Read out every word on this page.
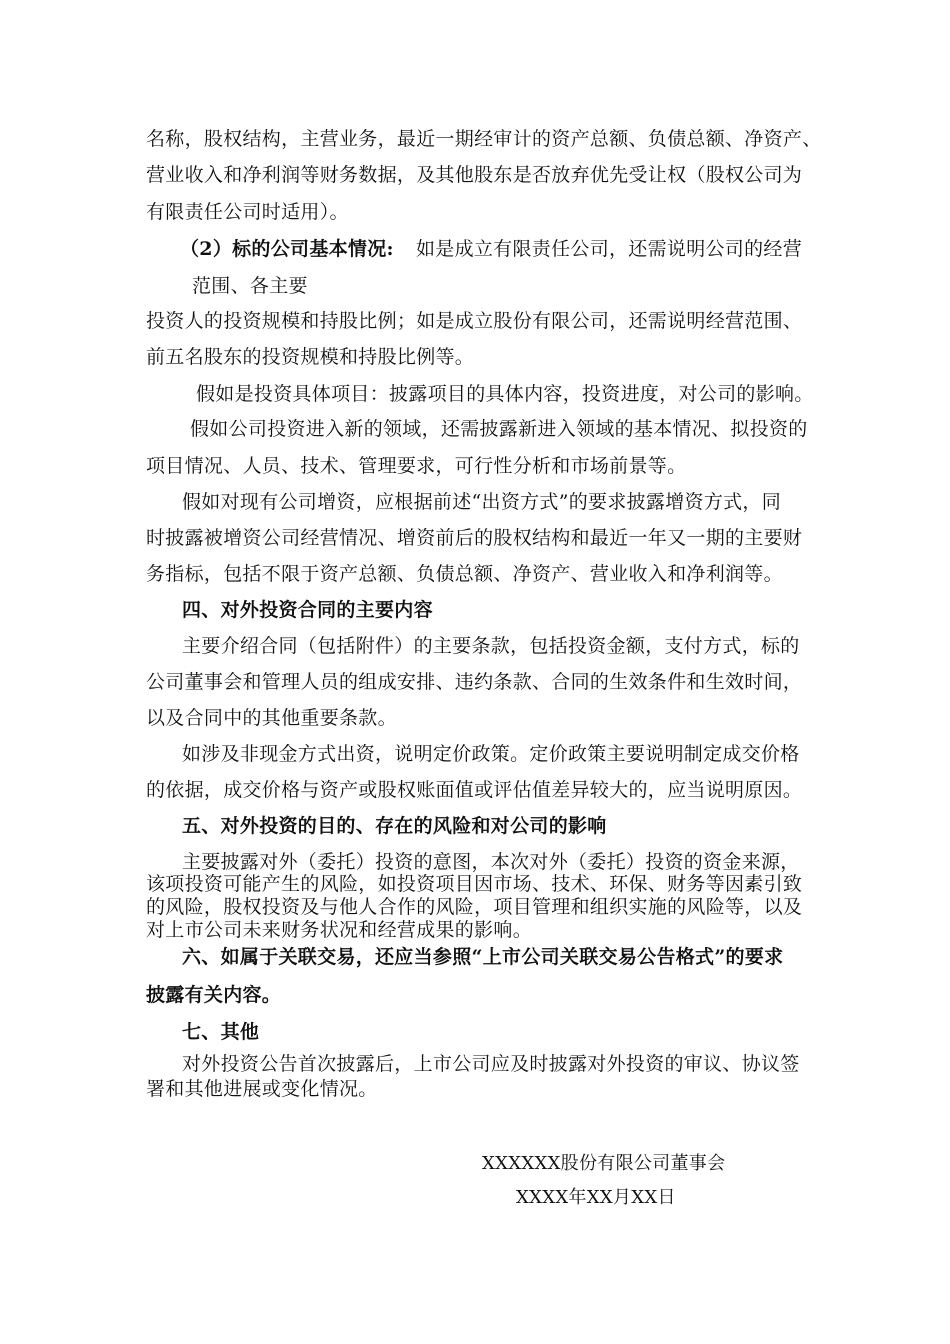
名称，股权结构，主营业务，最近一期经审计的资产总额、负债总额、净资产、
营业收入和净利润等财务数据，及其他股东是否放弃优先受让权（股权公司为
有限责任公司时适用）。
（2）标的公司基本情况: 如是成立有限责任公司，还需说明公司的经营
范围、各主要
投资人的投资规模和持股比例；如是成立股份有限公司，还需说明经营范围、
前五名股东的投资规模和持股比例等。
假如是投资具体项目：披露项目的具体内容，投资进度，对公司的影响。
假如公司投资进入新的领域，还需披露新进入领域的基本情况、拟投资的
项目情况、人员、技术、管理要求，可行性分析和市场前景等。
假如对现有公司增资，应根据前述“出资方式”的要求披露增资方式，同
时披露被增资公司经营情况、增资前后的股权结构和最近一年又一期的主要财
务指标，包括不限于资产总额、负债总额、净资产、营业收入和净利润等。
四、对外投资合同的主要内容
主要介绍合同（包括附件）的主要条款，包括投资金额，支付方式，标的
公司董事会和管理人员的组成安排、违约条款、合同的生效条件和生效时间，
以及合同中的其他重要条款。
如涉及非现金方式出资，说明定价政策。定价政策主要说明制定成交价格
的依据，成交价格与资产或股权账面值或评估值差异较大的，应当说明原因。
五、对外投资的目的、存在的风险和对公司的影响
主要披露对外（委托）投资的意图，本次对外（委托）投资的资金来源，
该项投资可能产生的风险，如投资项目因市场、技术、环保、财务等因素引致
的风险，股权投资及与他人合作的风险，项目管理和组织实施的风险等，以及
对上市公司未来财务状况和经营成果的影响。
六、如属于关联交易，还应当参照“上市公司关联交易公告格式”的要求
披露有关内容。
七、其他
对外投资公告首次披露后，上市公司应及时披露对外投资的审议、协议签
署和其他进展或变化情况。
XXXXXX股份有限公司董事会
XXXX年XX月XX日
